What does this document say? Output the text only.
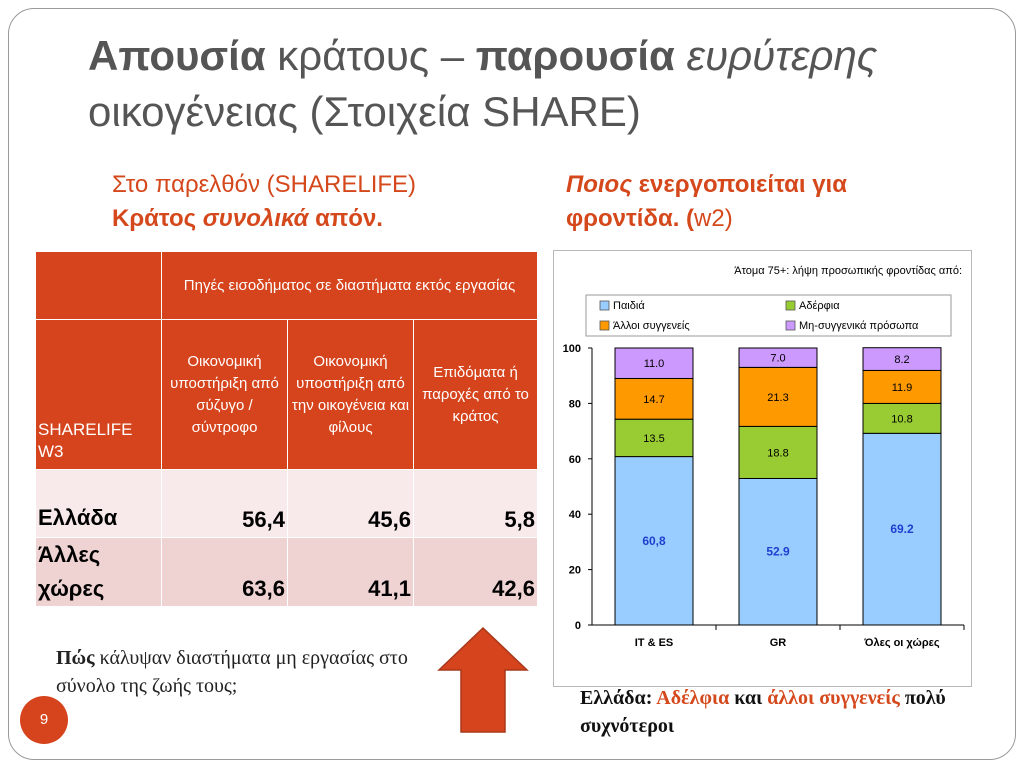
Απουσία κράτους – παρουσία ευρύτερης
οικογένειας (Στοιχεία SHARE)

Στο παρελθόν (SHARELIFE)
Κράτος συνολικά απόν.

Ποιος ενεργοποιείται για
φροντίδα. (w2)

	Πηγές εισοδήματος σε διαστήματα εκτός εργασίας		
SHARELIFE W3	Οικονομική υποστήριξη από σύζυγο / σύντροφο	Οικονομική υποστήριξη από την οικογένεια και φίλους	Επιδόματα ή παροχές από το κράτος
Ελλάδα	56,4	45,6	5,8
Άλλες χώρες	63,6	41,1	42,6
Άτομα 75+: λήψη προσωπικής φροντίδας από:
Παιδιά	Αδέρφια
Άλλοι συγγενείς	Μη-συγγενικά πρόσωπα
0
20
40
60
80
100
60,8
13.5
14.7
11.0
IT & ES
52.9
18.8
21.3
7.0
GR
69.2
10.8
11.9
8.2
Όλες οι χώρες

Πώς κάλυψαν διαστήματα μη εργασίας στο σύνολο της ζωής τους;

Ελλάδα: Αδέλφια και άλλοι συγγενείς πολύ συχνότεροι

9
